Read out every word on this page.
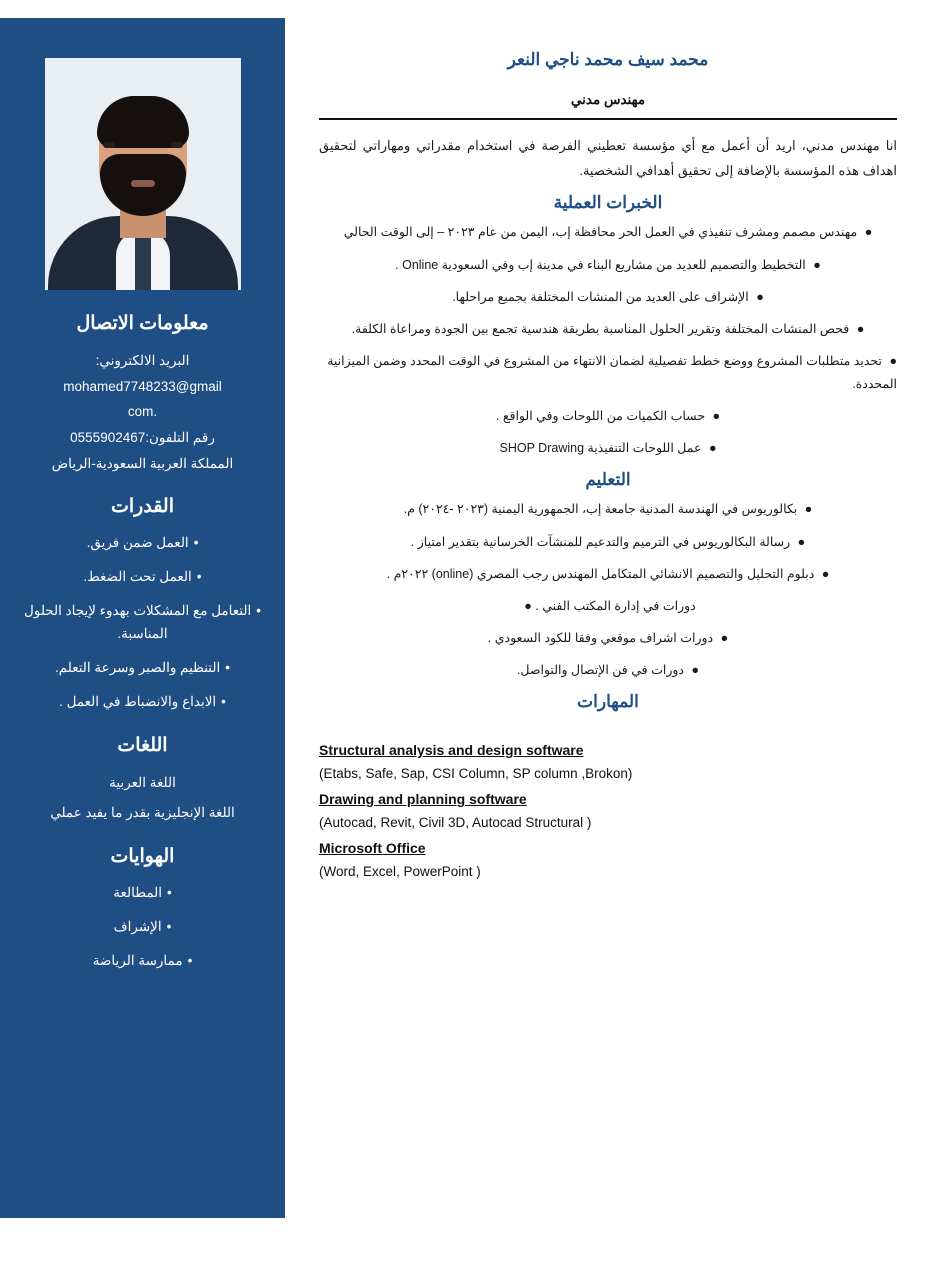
معلومات الاتصال
البريد الالكتروني:
mohamed7748233@gmail
.com
رقم التلفون:0555902467
المملكة العربية السعودية-الرياض
القدرات
•العمل ضمن فريق.
•العمل تحت الضغط.
•التعامل مع المشكلات بهدوء لإيجاد الحلول المناسبة.
•التنظيم والصبر وسرعة التعلم.
•الابداع والانضباط في العمل .
اللغات
اللغة العربية
اللغة الإنجليزية بقدر ما يفيد عملي
الهوايات
•المطالعة
•الإشراف
•ممارسة الرياضة
محمد سيف محمد ناجي النعر
مهندس مدني

انا مهندس مدني، اريد أن أعمل مع أي مؤسسة تعطيني الفرصة في استخدام مقدراتي ومهاراتي لتحقيق اهداف هذه المؤسسة بالإضافة إلى تحقيق أهدافي الشخصية.

الخبرات العملية
● مهندس مصمم ومشرف تنفيذي في العمل الحر محافظة إب، اليمن من عام ٢٠٢٣ – إلى الوقت الحالي
● التخطيط والتصميم للعديد من مشاريع البناء في مدينة إب وفي السعودية Online .
● الإشراف على العديد من المنشات المختلفة بجميع مراحلها.
● فحص المنشات المختلفة وتقرير الحلول المناسبة بطريقة هندسية تجمع بين الجودة ومراعاة الكلفة.
● تحديد متطلبات المشروع ووضع خطط تفصيلية لضمان الانتهاء من المشروع في الوقت المحدد وضمن الميزانية المحددة.
● حساب الكميات من اللوحات وفي الواقع .
● عمل اللوحات التنفيذية SHOP Drawing
التعليم
● بكالوريوس في الهندسة المدنية جامعة إب، الجمهورية اليمنية (٢٠٢٣ -٢٠٢٤) م.
● رسالة البكالوريوس في الترميم والتدعيم للمنشآت الخرسانية بتقدير امتياز .
● دبلوم التحليل والتصميم الانشائي المتكامل المهندس رجب المصري (online) ٢٠٢٢م .
دورات في إدارة المكتب الفني . ●
● دورات اشراف موقعي وفقا للكود السعودي .
● دورات في فن الإتصال والتواصل.
المهارات
Structural analysis and design software
(Etabs, Safe, Sap, CSI Column, SP column ,Brokon)
Drawing and planning software
(Autocad, Revit, Civil 3D, Autocad Structural )
Microsoft Office
(Word, Excel, PowerPoint )
